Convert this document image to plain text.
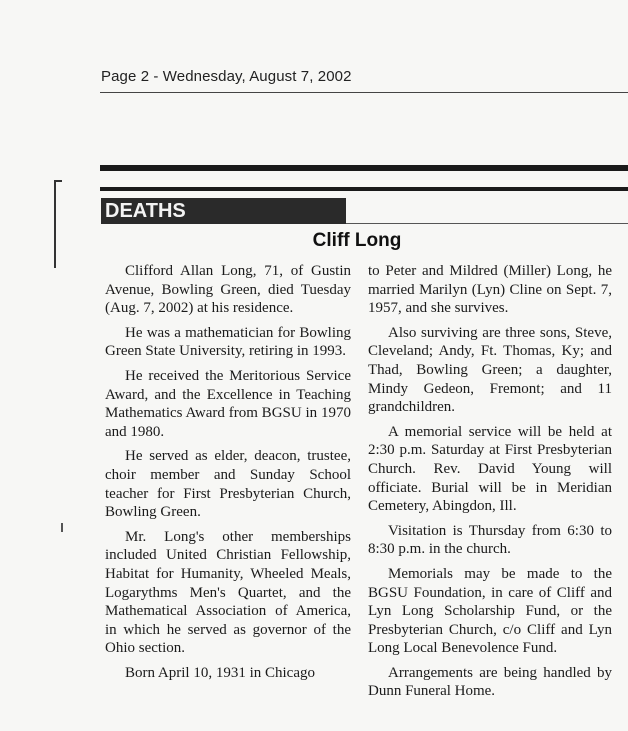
Page 2 - Wednesday, August 7, 2002
DEATHS
Cliff Long

Clifford Allan Long, 71, of Gustin Avenue, Bowling Green, died Tuesday (Aug. 7, 2002) at his residence.

He was a mathematician for Bowling Green State University, retiring in 1993.

He received the Meritorious Service Award, and the Excellence in Teaching Mathematics Award from BGSU in 1970 and 1980.

He served as elder, deacon, trustee, choir member and Sunday School teacher for First Presbyterian Church, Bowling Green.

Mr. Long's other memberships included United Christian Fellowship, Habitat for Humanity, Wheeled Meals, Logarythms Men's Quartet, and the Mathematical Association of America, in which he served as governor of the Ohio section.

Born April 10, 1931 in Chicago

to Peter and Mildred (Miller) Long, he married Marilyn (Lyn) Cline on Sept. 7, 1957, and she survives.

Also surviving are three sons, Steve, Cleveland; Andy, Ft. Thomas, Ky; and Thad, Bowling Green; a daughter, Mindy Gedeon, Fremont; and 11 grandchildren.

A memorial service will be held at 2:30 p.m. Saturday at First Presbyterian Church. Rev. David Young will officiate. Burial will be in Meridian Cemetery, Abingdon, Ill.

Visitation is Thursday from 6:30 to 8:30 p.m. in the church.

Memorials may be made to the BGSU Foundation, in care of Cliff and Lyn Long Scholarship Fund, or the Presbyterian Church, c/o Cliff and Lyn Long Local Benevolence Fund.

Arrangements are being handled by Dunn Funeral Home.
